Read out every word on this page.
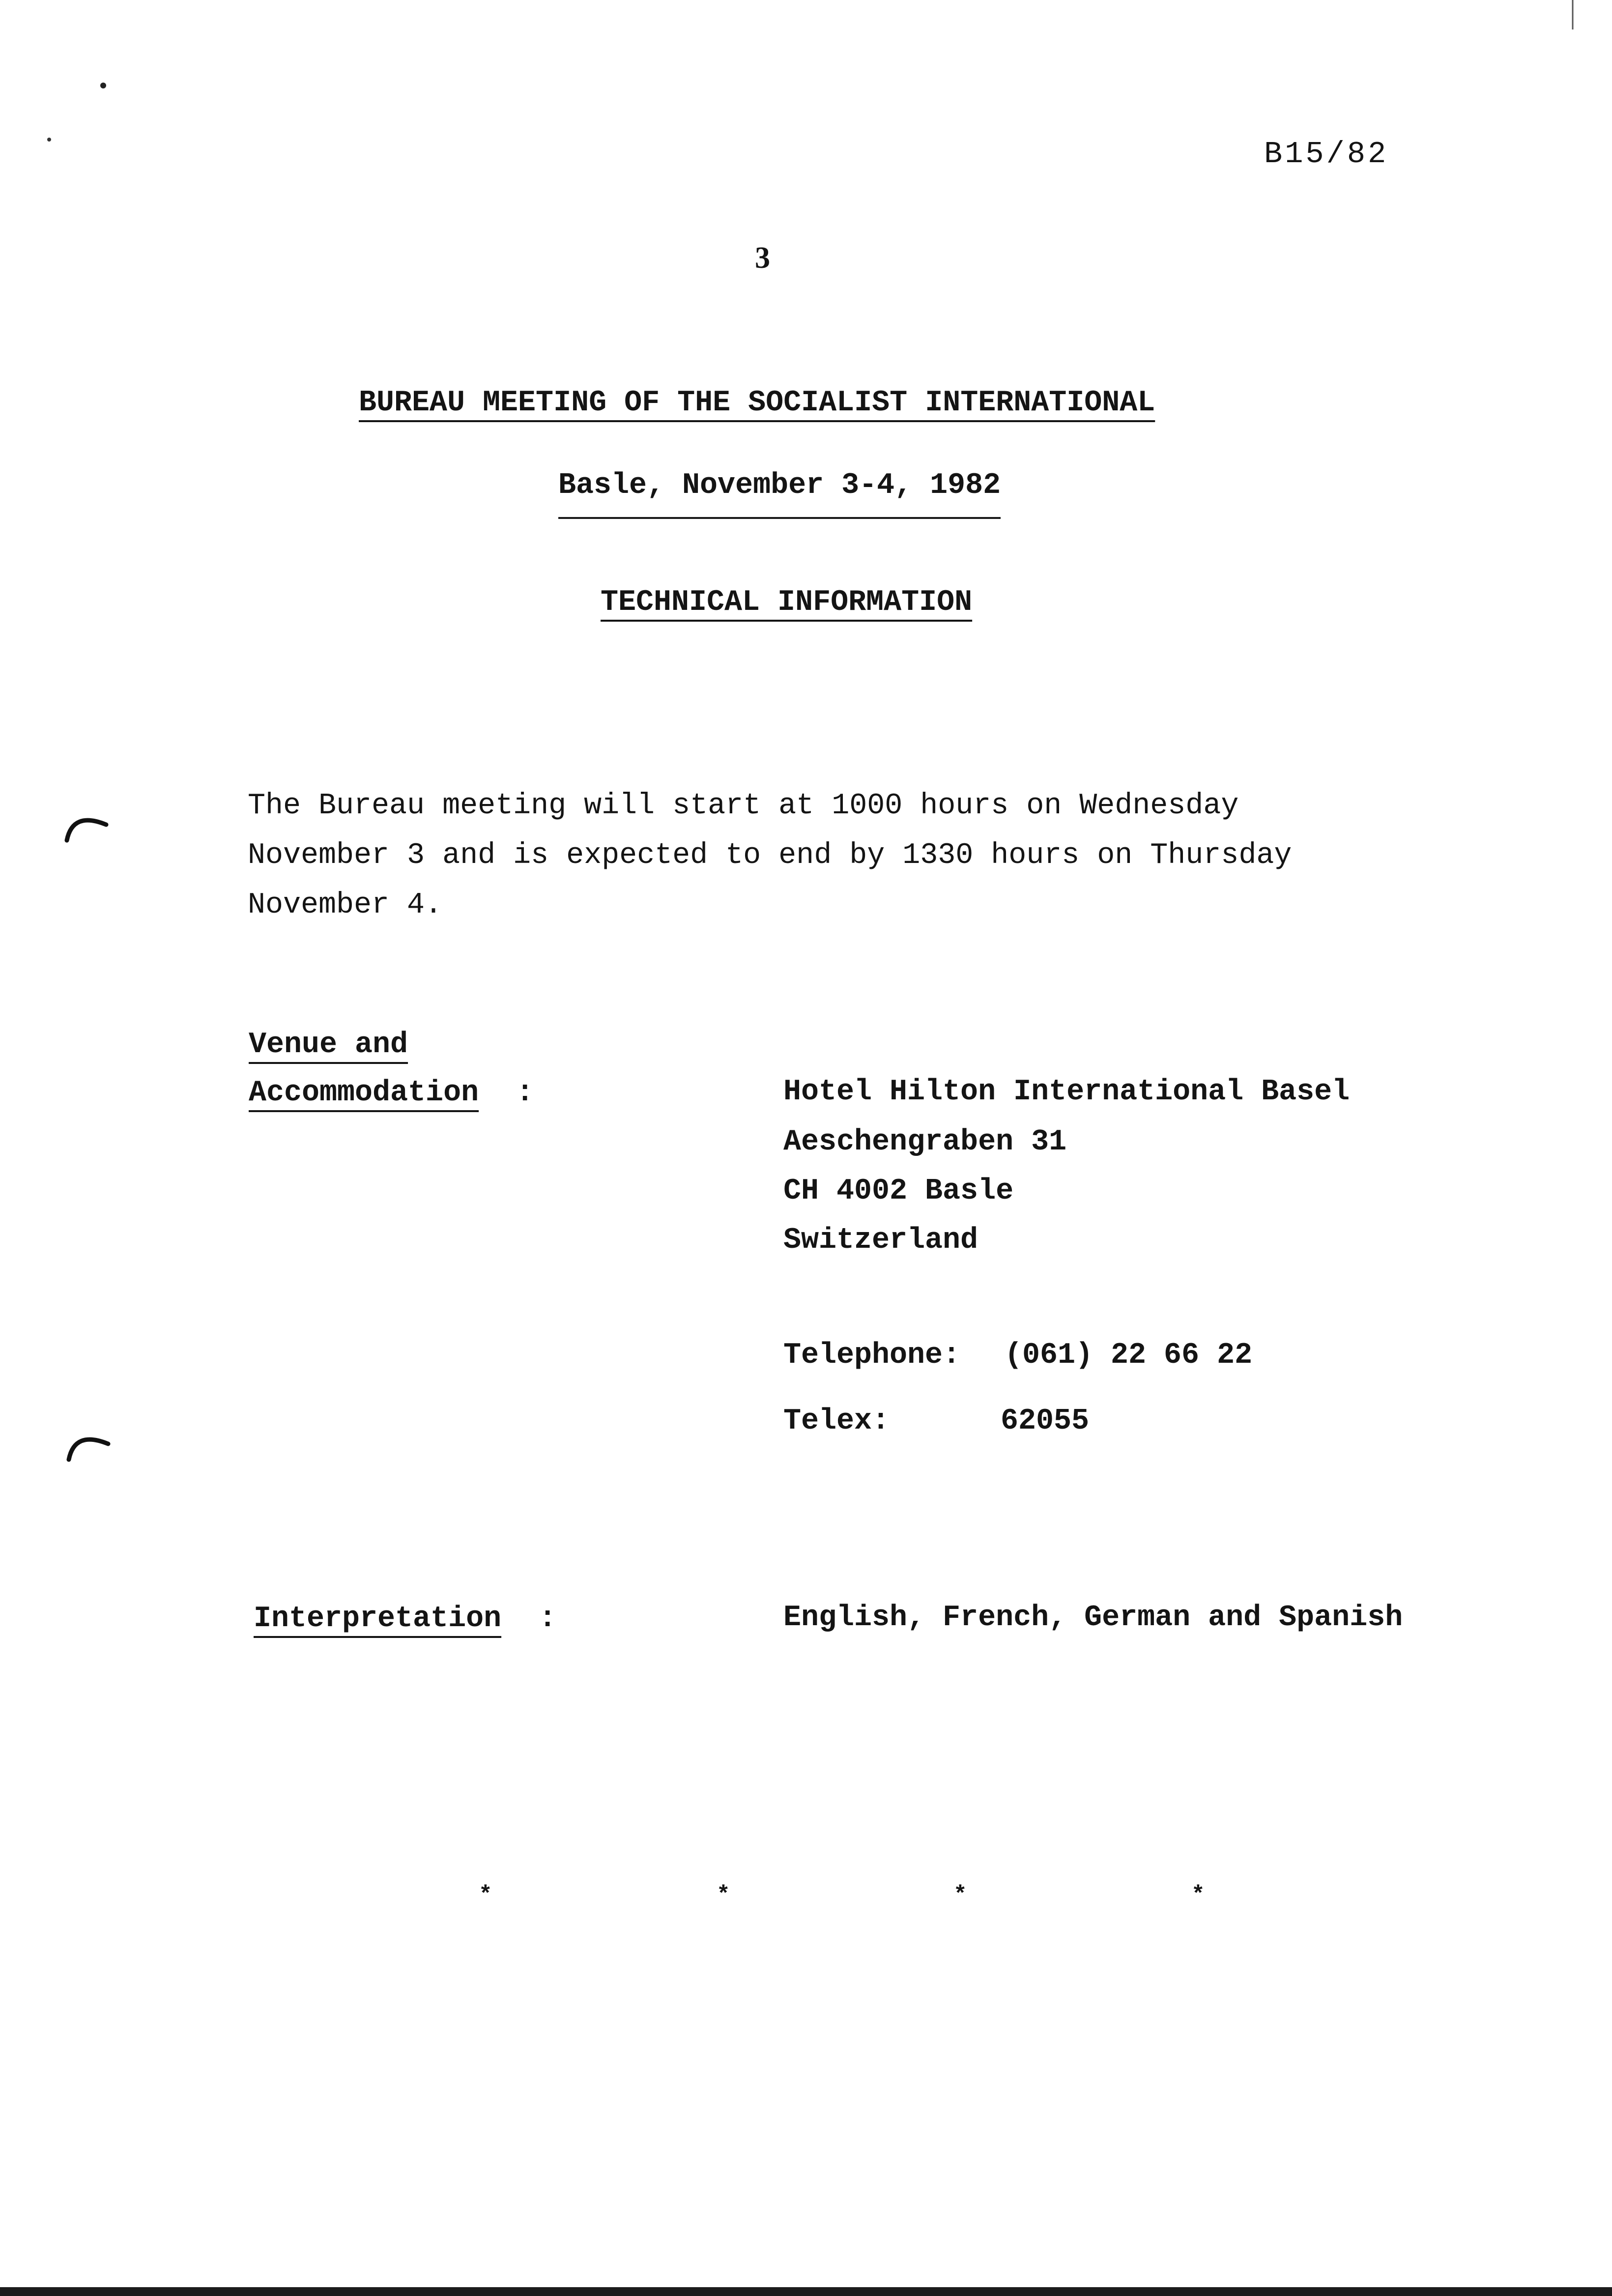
B15/82
3
BUREAU MEETING OF THE SOCIALIST INTERNATIONAL
Basle, November 3-4, 1982
TECHNICAL INFORMATION
The Bureau meeting will start at 1000 hours on Wednesday
November 3 and is expected to end by 1330 hours on Thursday
November 4.
Venue and
Accommodation :	Hotel Hilton International Basel
Aeschengraben 31
CH 4002 Basle
Switzerland
Telephone: (061) 22 66 22
Telex:	62055
Interpretation :	English, French, German and Spanish
*	*	*	*
